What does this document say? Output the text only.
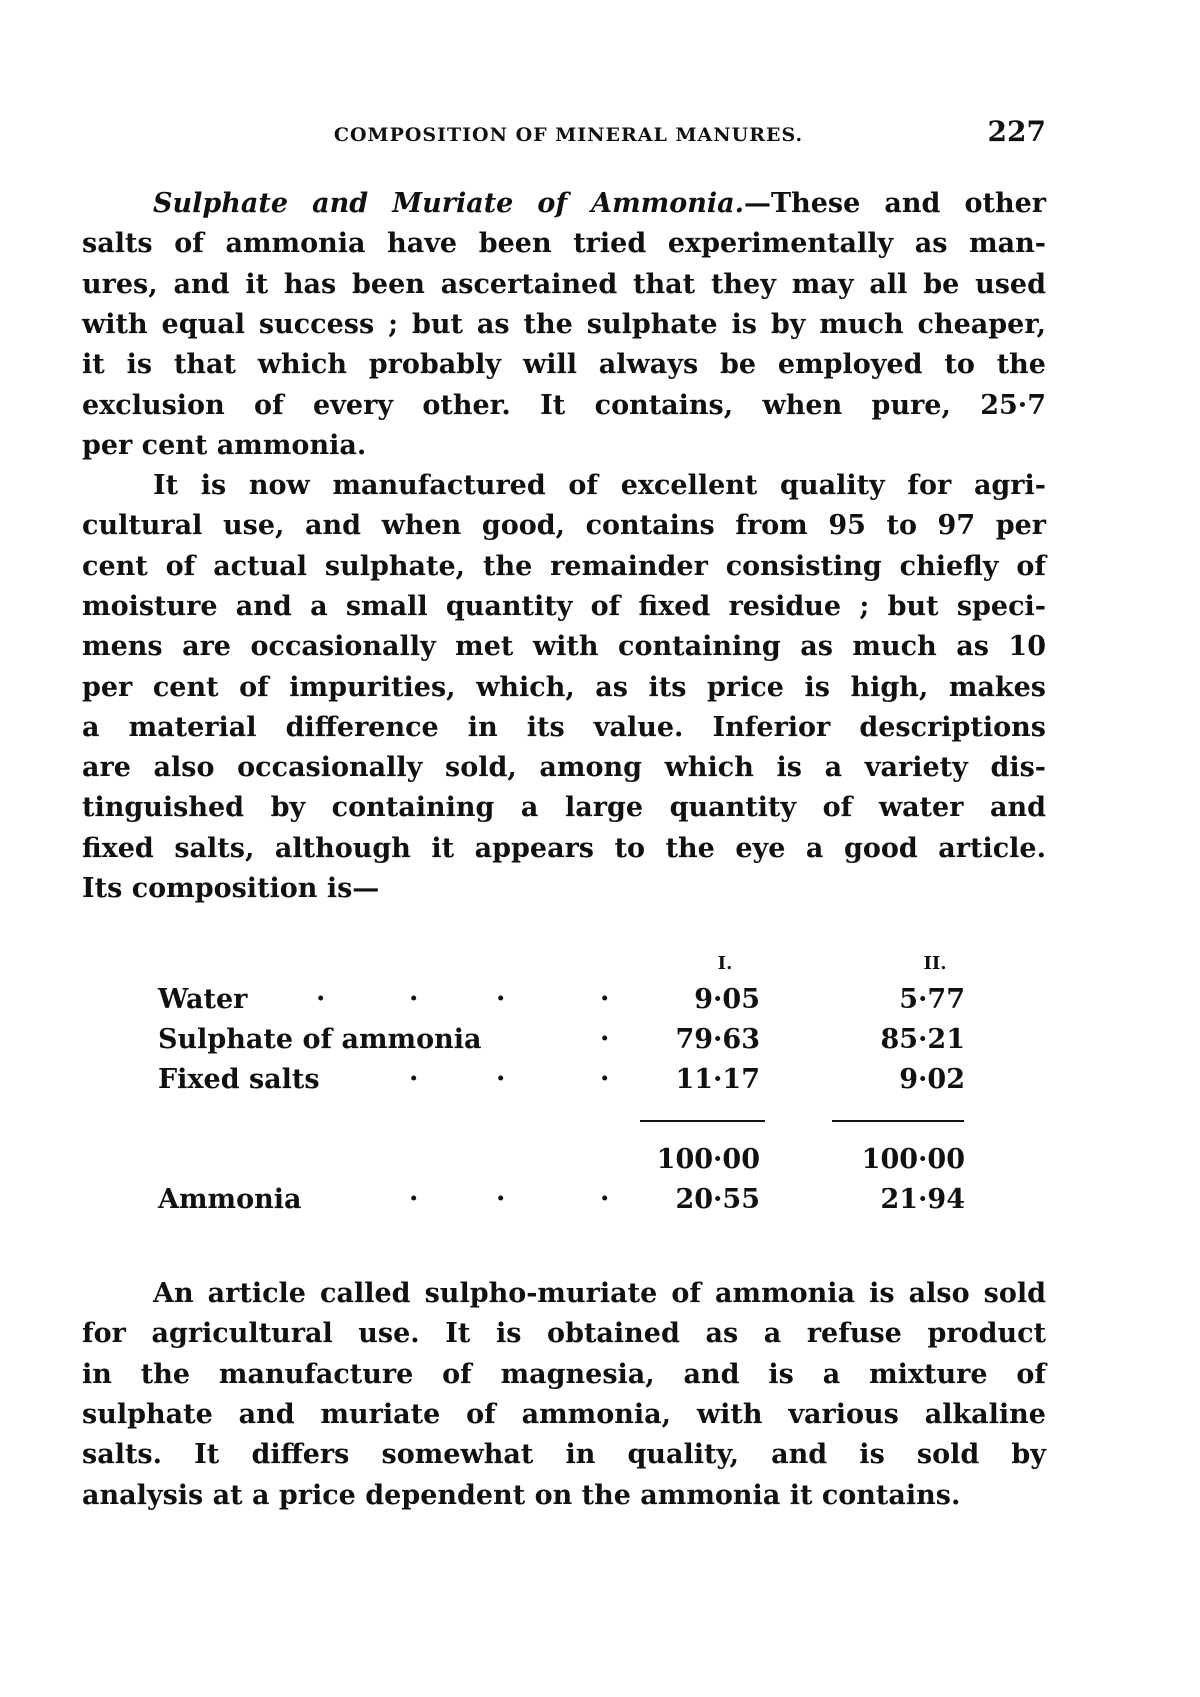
COMPOSITION OF MINERAL MANURES.	227
Sulphate and Muriate of Ammonia.—These and other
salts of ammonia have been tried experimentally as man-
ures, and it has been ascertained that they may all be used
with equal success ; but as the sulphate is by much cheaper,
it is that which probably will always be employed to the
exclusion of every other. It contains, when pure, 25·7
per cent ammonia.
It is now manufactured of excellent quality for agri-
cultural use, and when good, contains from 95 to 97 per
cent of actual sulphate, the remainder consisting chiefly of
moisture and a small quantity of fixed residue ; but speci-
mens are occasionally met with containing as much as 10
per cent of impurities, which, as its price is high, makes
a material difference in its value. Inferior descriptions
are also occasionally sold, among which is a variety dis-
tinguished by containing a large quantity of water and
fixed salts, although it appears to the eye a good article.
Its composition is—
An article called sulpho-muriate of ammonia is also sold
for agricultural use. It is obtained as a refuse product
in the manufacture of magnesia, and is a mixture of
sulphate and muriate of ammonia, with various alkaline
salts. It differs somewhat in quality, and is sold by
analysis at a price dependent on the ammonia it contains.
I.	II.
Water	.	.	.	.	9·05	5·77
Sulphate of ammonia	.	79·63	85·21
Fixed salts	.	.	.	11·17	9·02
100·00	100·00
Ammonia	.	.	.	20·55	21·94
